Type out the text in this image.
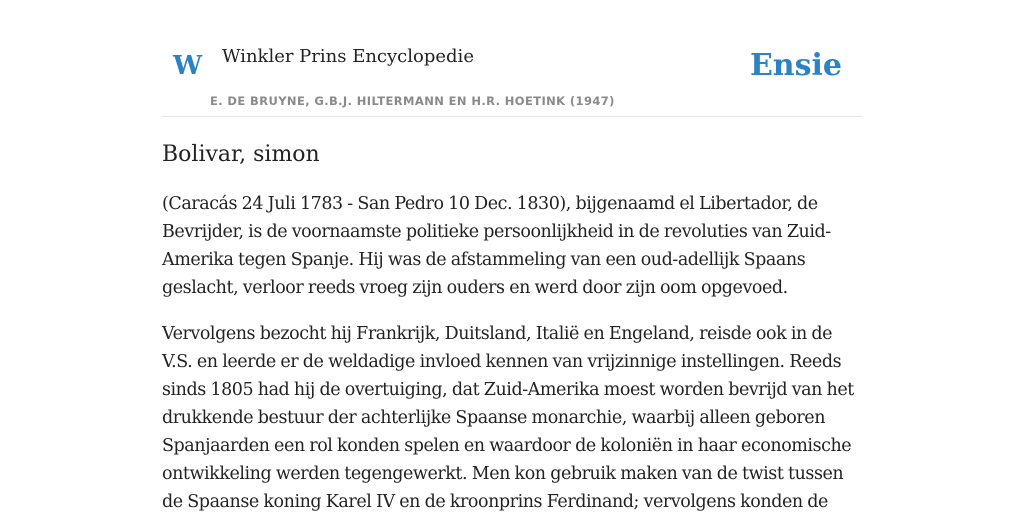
W Winkler Prins Encyclopedie
E. DE BRUYNE, G.B.J. HILTERMANN EN H.R. HOETINK (1947)
Ensie
Bolivar, simon

(Caracás 24 Juli 1783 - San Pedro 10 Dec. 1830), bijgenaamd el Libertador, de Bevrijder, is de voornaamste politieke persoonlijkheid in de revoluties van Zuid-Amerika tegen Spanje. Hij was de afstammeling van een oud-adellijk Spaans geslacht, verloor reeds vroeg zijn ouders en werd door zijn oom opgevoed.

Vervolgens bezocht hij Frankrijk, Duitsland, Italië en Engeland, reisde ook in de V.S. en leerde er de weldadige invloed kennen van vrijzinnige instellingen. Reeds sinds 1805 had hij de overtuiging, dat Zuid-Amerika moest worden bevrijd van het drukkende bestuur der achterlijke Spaanse monarchie, waarbij alleen geboren Spanjaarden een rol konden spelen en waardoor de koloniën in haar economische ontwikkeling werden tegengewerkt. Men kon gebruik maken van de twist tussen de Spaanse koning Karel IV en de kroonprins Ferdinand; vervolgens konden de
